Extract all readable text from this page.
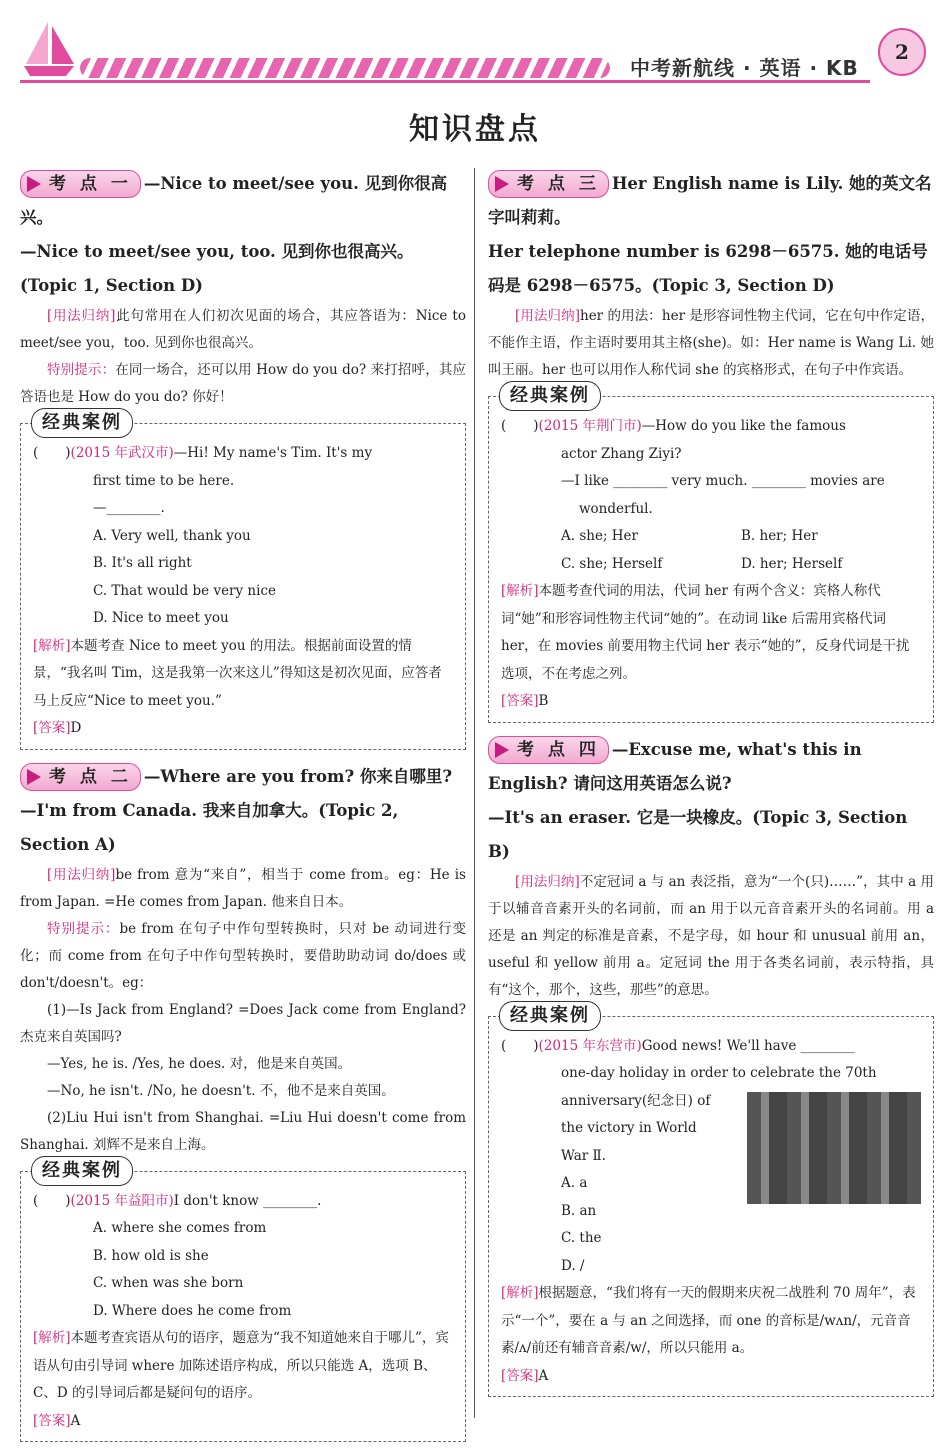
中考新航线 · 英语 · KB
2
知识盘点

考 点 一 —Nice to meet/see you. 见到你很高兴。

—Nice to meet/see you, too. 见到你也很高兴。(Topic 1, Section D)

[用法归纳]此句常用在人们初次见面的场合，其应答语为：Nice to meet/see you，too. 见到你也很高兴。

特别提示：在同一场合，还可以用 How do you do? 来打招呼，其应答语也是 How do you do? 你好！

经典案例

(　　)(2015 年武汉市)—Hi! My name's Tim. It's my

first time to be here.

—________.

A. Very well, thank you

B. It's all right

C. That would be very nice

D. Nice to meet you

[解析]本题考查 Nice to meet you 的用法。根据前面设置的情景，“我名叫 Tim，这是我第一次来这儿”得知这是初次见面，应答者马上反应“Nice to meet you.”

[答案]D

考 点 二 —Where are you from? 你来自哪里?

—I'm from Canada. 我来自加拿大。(Topic 2, Section A)

[用法归纳]be from 意为“来自”，相当于 come from。eg：He is from Japan. =He comes from Japan. 他来自日本。

特别提示：be from 在句子中作句型转换时，只对 be 动词进行变化；而 come from 在句子中作句型转换时，要借助助动词 do/does 或 don't/doesn't。eg：

(1)—Is Jack from England? =Does Jack come from England? 杰克来自英国吗?

—Yes, he is. /Yes, he does. 对，他是来自英国。

—No, he isn't. /No, he doesn't. 不，他不是来自英国。

(2)Liu Hui isn't from Shanghai. =Liu Hui doesn't come from Shanghai. 刘辉不是来自上海。

经典案例

(　　)(2015 年益阳市)I don't know ________.

A. where she comes from

B. how old is she

C. when was she born

D. Where does he come from

[解析]本题考查宾语从句的语序，题意为“我不知道她来自于哪儿”，宾语从句由引导词 where 加陈述语序构成，所以只能选 A，选项 B、C、D 的引导词后都是疑问句的语序。

[答案]A

考 点 三 Her English name is Lily. 她的英文名字叫莉莉。

Her telephone number is 6298－6575. 她的电话号码是 6298－6575。(Topic 3, Section D)

[用法归纳]her 的用法：her 是形容词性物主代词，它在句中作定语，不能作主语，作主语时要用其主格(she)。如：Her name is Wang Li. 她叫王丽。her 也可以用作人称代词 she 的宾格形式，在句子中作宾语。

经典案例

(　　)(2015 年荆门市)—How do you like the famous

actor Zhang Ziyi?

—I like ________ very much. ________ movies are

wonderful.

A. she; Her	B. her; Her
C. she; Herself	D. her; Herself

[解析]本题考查代词的用法，代词 her 有两个含义：宾格人称代词“她”和形容词性物主代词“她的”。在动词 like 后需用宾格代词 her，在 movies 前要用物主代词 her 表示“她的”，反身代词是干扰选项，不在考虑之列。

[答案]B

考 点 四 —Excuse me, what's this in English? 请问这用英语怎么说?

—It's an eraser. 它是一块橡皮。(Topic 3, Section B)

[用法归纳]不定冠词 a 与 an 表泛指，意为“一个(只)……”，其中 a 用于以辅音音素开头的名词前，而 an 用于以元音音素开头的名词前。用 a 还是 an 判定的标准是音素，不是字母，如 hour 和 unusual 前用 an，useful 和 yellow 前用 a。定冠词 the 用于各类名词前，表示特指，具有“这个，那个，这些，那些”的意思。

经典案例

(　　)(2015 年东营市)Good news! We'll have ________

one-day holiday in order to celebrate the 70th

anniversary(纪念日) of

the victory in World

War Ⅱ.

A. a

B. an

C. the

D. /

[解析]根据题意，“我们将有一天的假期来庆祝二战胜利 70 周年”，表示“一个”，要在 a 与 an 之间选择，而 one 的音标是/wʌn/，元音音素/ʌ/前还有辅音音素/w/，所以只能用 a。

[答案]A
